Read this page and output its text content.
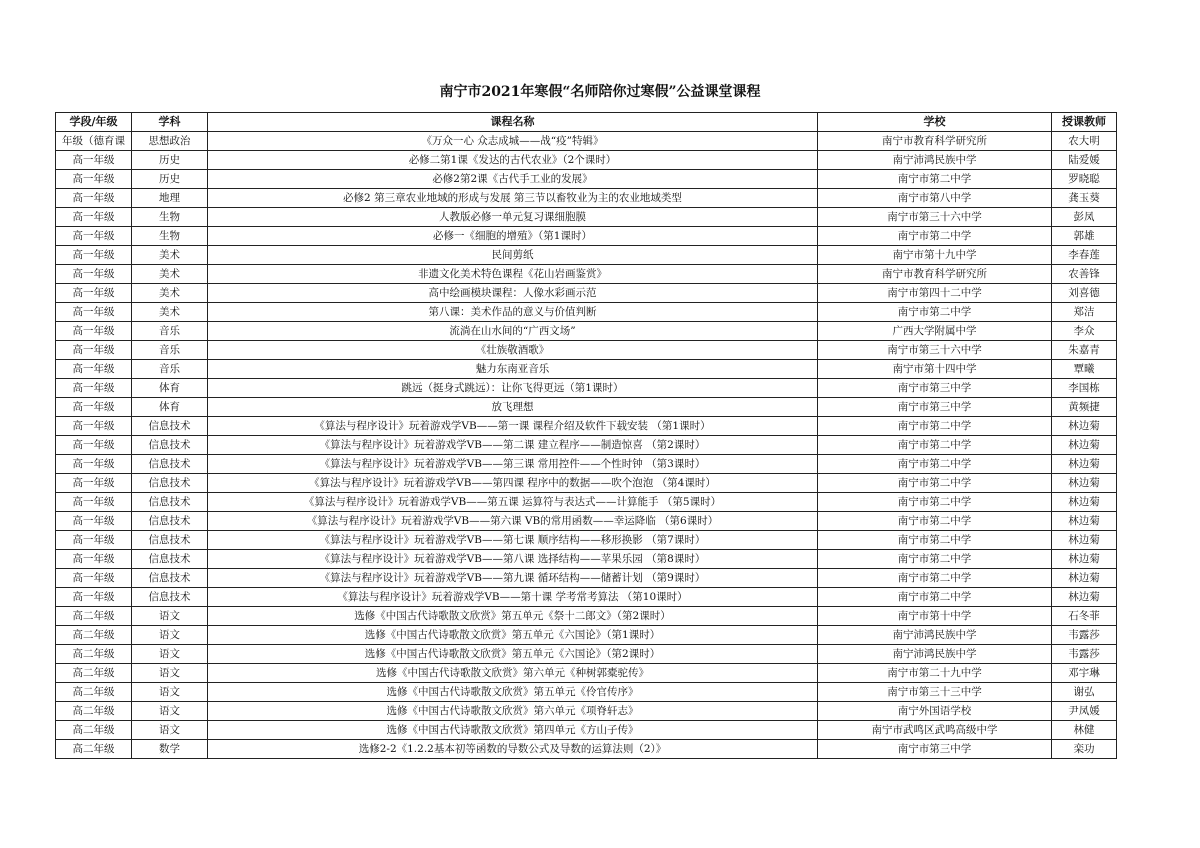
南宁市2021年寒假“名师陪你过寒假”公益课堂课程
学段/年级	学科	课程名称	学校	授课教师
年级（德育课	思想政治	《万众一心 众志成城——战“疫”特辑》	南宁市教育科学研究所	农大明
高一年级	历史	必修二第1课《发达的古代农业》（2个课时）	南宁沛鸿民族中学	陆爱媛
高一年级	历史	必修2第2课《古代手工业的发展》	南宁市第二中学	罗晓聪
高一年级	地理	必修2 第三章农业地域的形成与发展 第三节以畜牧业为主的农业地域类型	南宁市第八中学	龚玉葵
高一年级	生物	人教版必修一单元复习课细胞膜	南宁市第三十六中学	彭凤
高一年级	生物	必修一《细胞的增殖》（第1课时）	南宁市第二中学	郭雄
高一年级	美术	民间剪纸	南宁市第十九中学	李春莲
高一年级	美术	非遗文化美术特色课程《花山岩画鉴赏》	南宁市教育科学研究所	农善锋
高一年级	美术	高中绘画模块课程：人像水彩画示范	南宁市第四十二中学	刘喜德
高一年级	美术	第八课：美术作品的意义与价值判断	南宁市第二中学	郑洁
高一年级	音乐	流淌在山水间的“广西文场”	广西大学附属中学	李众
高一年级	音乐	《壮族敬酒歌》	南宁市第三十六中学	朱嘉青
高一年级	音乐	魅力东南亚音乐	南宁市第十四中学	覃曦
高一年级	体育	跳远（挺身式跳远）：让你飞得更远（第1课时）	南宁市第三中学	李国栋
高一年级	体育	放飞理想	南宁市第三中学	黄频捷
高一年级	信息技术	《算法与程序设计》玩着游戏学VB——第一课 课程介绍及软件下载安装 （第1课时）	南宁市第二中学	林边菊
高一年级	信息技术	《算法与程序设计》玩着游戏学VB——第二课 建立程序——制造惊喜 （第2课时）	南宁市第二中学	林边菊
高一年级	信息技术	《算法与程序设计》玩着游戏学VB——第三课 常用控件——个性时钟 （第3课时）	南宁市第二中学	林边菊
高一年级	信息技术	《算法与程序设计》玩着游戏学VB——第四课 程序中的数据——吹个泡泡 （第4课时）	南宁市第二中学	林边菊
高一年级	信息技术	《算法与程序设计》玩着游戏学VB——第五课 运算符与表达式——计算能手 （第5课时）	南宁市第二中学	林边菊
高一年级	信息技术	《算法与程序设计》玩着游戏学VB——第六课 VB的常用函数——幸运降临 （第6课时）	南宁市第二中学	林边菊
高一年级	信息技术	《算法与程序设计》玩着游戏学VB——第七课 顺序结构——移形换影 （第7课时）	南宁市第二中学	林边菊
高一年级	信息技术	《算法与程序设计》玩着游戏学VB——第八课 选择结构——苹果乐园 （第8课时）	南宁市第二中学	林边菊
高一年级	信息技术	《算法与程序设计》玩着游戏学VB——第九课 循环结构——储蓄计划 （第9课时）	南宁市第二中学	林边菊
高一年级	信息技术	《算法与程序设计》玩着游戏学VB——第十课 学考常考算法 （第10课时）	南宁市第二中学	林边菊
高二年级	语文	选修《中国古代诗歌散文欣赏》第五单元《祭十二郎文》（第2课时）	南宁市第十中学	石冬菲
高二年级	语文	选修《中国古代诗歌散文欣赏》第五单元《六国论》（第1课时）	南宁沛鸿民族中学	韦露莎
高二年级	语文	选修《中国古代诗歌散文欣赏》第五单元《六国论》（第2课时）	南宁沛鸿民族中学	韦露莎
高二年级	语文	选修《中国古代诗歌散文欣赏》第六单元《种树郭橐驼传》	南宁市第二十九中学	邓宇琳
高二年级	语文	选修《中国古代诗歌散文欣赏》第五单元《伶官传序》	南宁市第三十三中学	谢弘
高二年级	语文	选修《中国古代诗歌散文欣赏》第六单元《项脊轩志》	南宁外国语学校	尹凤媛
高二年级	语文	选修《中国古代诗歌散文欣赏》第四单元《方山子传》	南宁市武鸣区武鸣高级中学	林健
高二年级	数学	选修2-2《1.2.2基本初等函数的导数公式及导数的运算法则（2）》	南宁市第三中学	栾功
